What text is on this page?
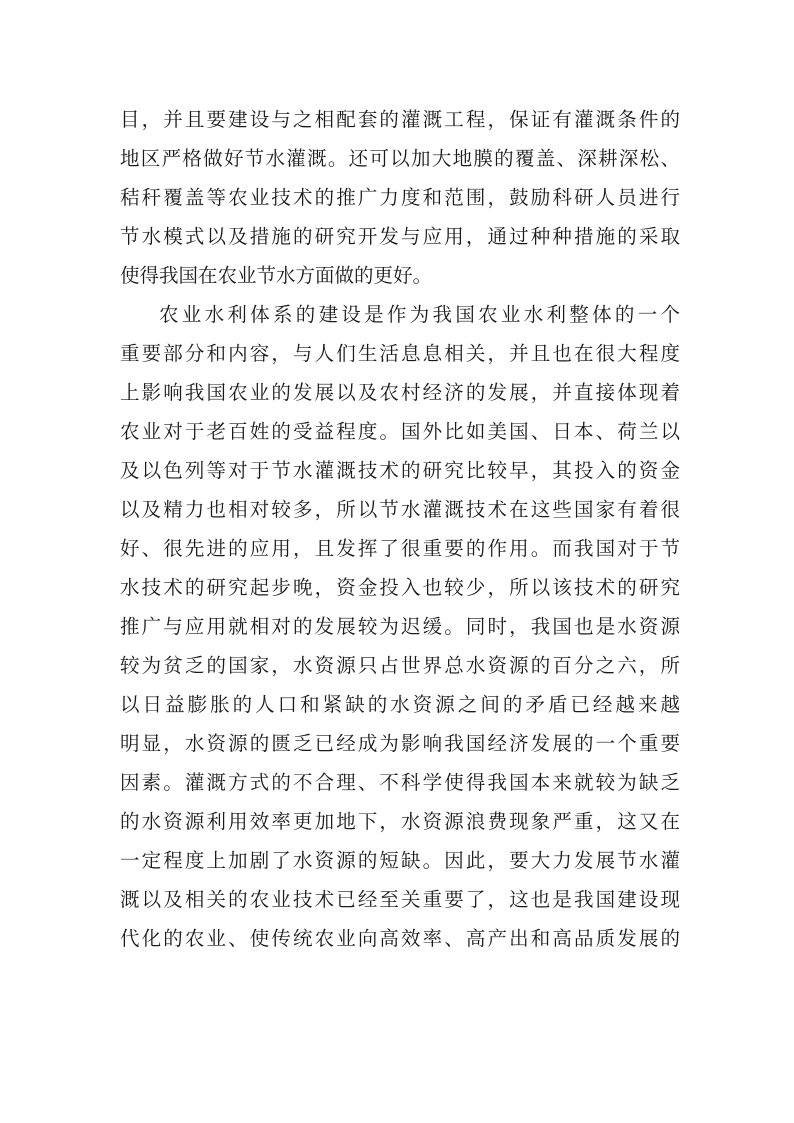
目，并且要建设与之相配套的灌溉工程，保证有灌溉条件的
地区严格做好节水灌溉。还可以加大地膜的覆盖、深耕深松、
秸秆覆盖等农业技术的推广力度和范围，鼓励科研人员进行
节水模式以及措施的研究开发与应用，通过种种措施的采取
使得我国在农业节水方面做的更好。
农业水利体系的建设是作为我国农业水利整体的一个
重要部分和内容，与人们生活息息相关，并且也在很大程度
上影响我国农业的发展以及农村经济的发展，并直接体现着
农业对于老百姓的受益程度。国外比如美国、日本、荷兰以
及以色列等对于节水灌溉技术的研究比较早，其投入的资金
以及精力也相对较多，所以节水灌溉技术在这些国家有着很
好、很先进的应用，且发挥了很重要的作用。而我国对于节
水技术的研究起步晚，资金投入也较少，所以该技术的研究
推广与应用就相对的发展较为迟缓。同时，我国也是水资源
较为贫乏的国家，水资源只占世界总水资源的百分之六，所
以日益膨胀的人口和紧缺的水资源之间的矛盾已经越来越
明显，水资源的匮乏已经成为影响我国经济发展的一个重要
因素。灌溉方式的不合理、不科学使得我国本来就较为缺乏
的水资源利用效率更加地下，水资源浪费现象严重，这又在
一定程度上加剧了水资源的短缺。因此，要大力发展节水灌
溉以及相关的农业技术已经至关重要了，这也是我国建设现
代化的农业、使传统农业向高效率、高产出和高品质发展的
